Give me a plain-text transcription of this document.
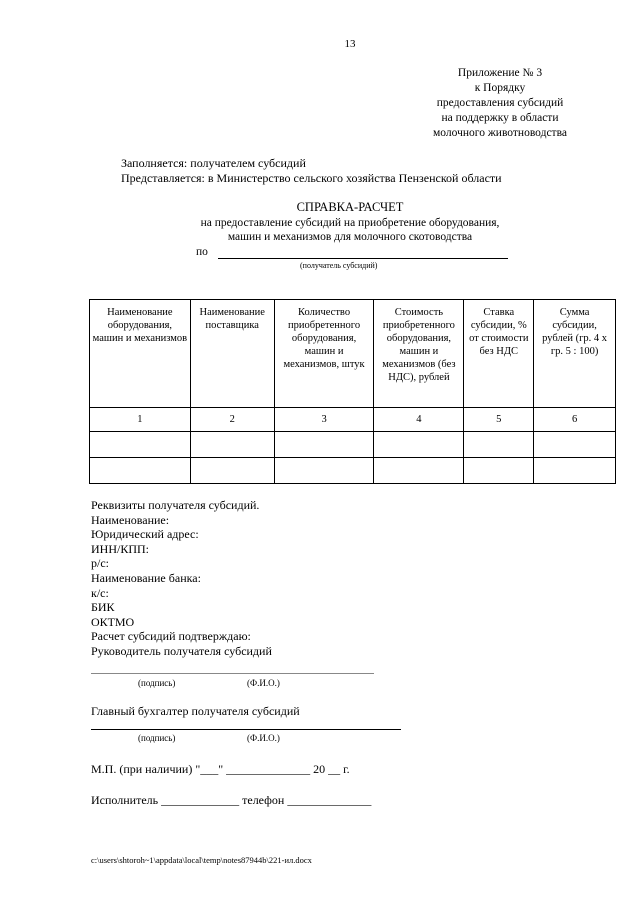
13
Приложение № 3
к Порядку
предоставления субсидий
на поддержку в области
молочного животноводства
Заполняется: получателем субсидий
Представляется: в Министерство сельского хозяйства Пензенской области
СПРАВКА-РАСЧЕТ
на предоставление субсидий на приобретение оборудования,
машин и механизмов для молочного скотоводства
по
(получатель субсидий)
Наименование оборудования, машин и механизмов	Наименование поставщика	Количество приобретенного оборудования, машин и механизмов, штук	Стоимость приобретенного оборудования, машин и механизмов (без НДС), рублей	Ставка субсидии, % от стоимости без НДС	Сумма субсидии, рублей (гр. 4 х гр. 5 : 100)
1	2	3	4	5	6

Реквизиты получателя субсидий.
Наименование:
Юридический адрес:
ИНН/КПП:
р/с:
Наименование банка:
к/с:
БИК
ОКТМО
Расчет субсидий подтверждаю:
Руководитель получателя субсидий
(подпись)	(Ф.И.О.)
Главный бухгалтер получателя субсидий
(подпись)	(Ф.И.О.)
М.П. (при наличии) "___" ______________ 20 __ г.
Исполнитель _____________ телефон ______________
c:\users\shtoroh~1\appdata\local\temp\notes87944b\221-ил.docx
